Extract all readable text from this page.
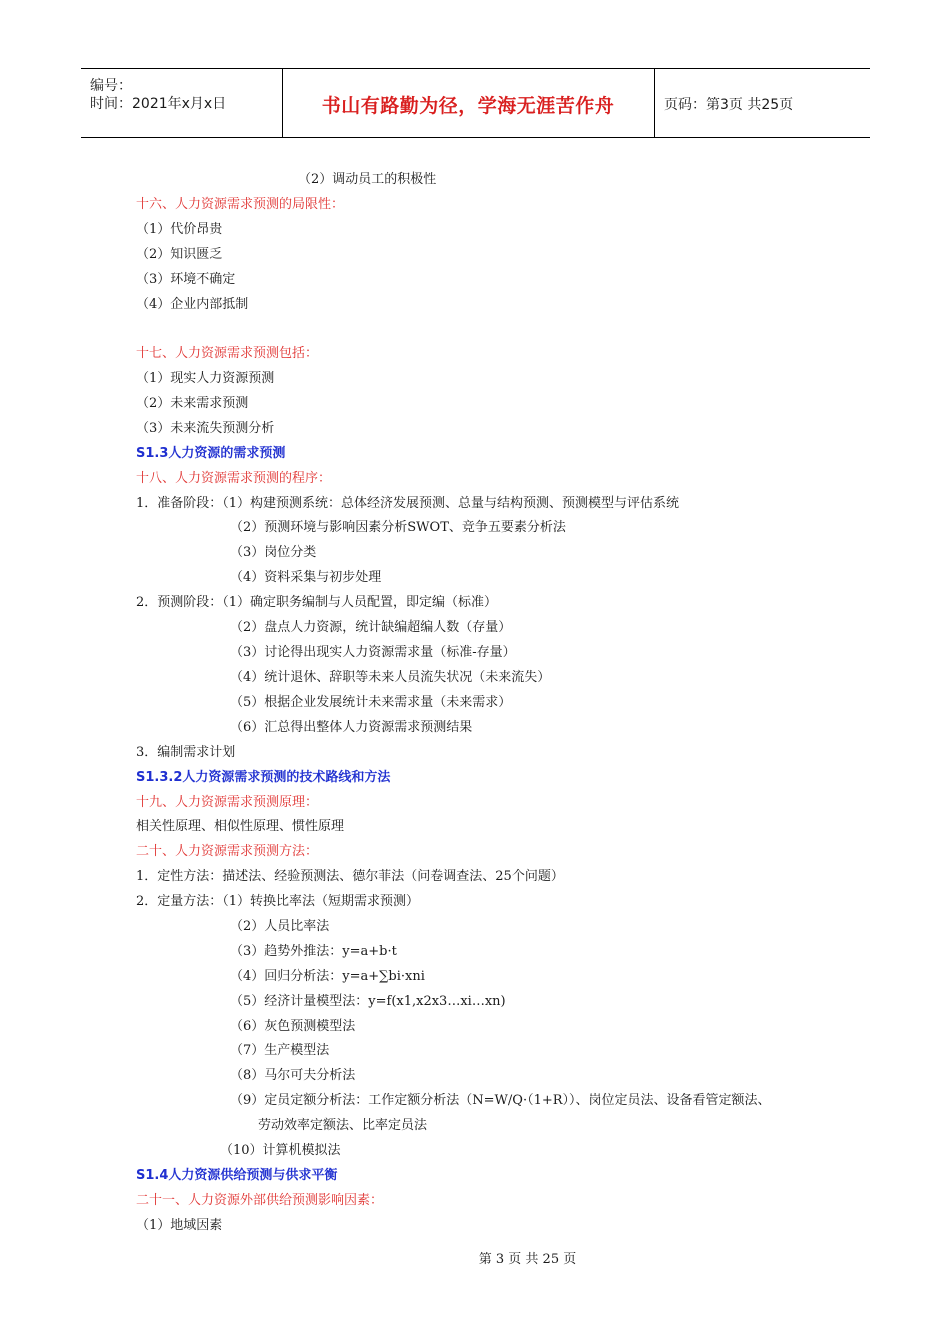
编号：
时间：2021年x月x日	书山有路勤为径，学海无涯苦作舟	页码：第3页 共25页
（2）调动员工的积极性
十六、人力资源需求预测的局限性：
（1）代价昂贵
（2）知识匮乏
（3）环境不确定
（4）企业内部抵制
十七、人力资源需求预测包括：
（1）现实人力资源预测
（2）未来需求预测
（3）未来流失预测分析
S1.3人力资源的需求预测
十八、人力资源需求预测的程序：
1．准备阶段：（1）构建预测系统：总体经济发展预测、总量与结构预测、预测模型与评估系统
（2）预测环境与影响因素分析SWOT、竞争五要素分析法
（3）岗位分类
（4）资料采集与初步处理
2．预测阶段：（1）确定职务编制与人员配置，即定编（标准）
（2）盘点人力资源，统计缺编超编人数（存量）
（3）讨论得出现实人力资源需求量（标准-存量）
（4）统计退休、辞职等未来人员流失状况（未来流失）
（5）根据企业发展统计未来需求量（未来需求）
（6）汇总得出整体人力资源需求预测结果
3．编制需求计划
S1.3.2人力资源需求预测的技术路线和方法
十九、人力资源需求预测原理：
相关性原理、相似性原理、惯性原理
二十、人力资源需求预测方法：
1．定性方法：描述法、经验预测法、德尔菲法（问卷调查法、25个问题）
2．定量方法：（1）转换比率法（短期需求预测）
（2）人员比率法
（3）趋势外推法：y=a+b·t
（4）回归分析法：y=a+∑bi·xni
（5）经济计量模型法：y=f(x1,x2x3…xi…xn)
（6）灰色预测模型法
（7）生产模型法
（8）马尔可夫分析法
（9）定员定额分析法：工作定额分析法（N=W/Q·（1+R））、岗位定员法、设备看管定额法、
劳动效率定额法、比率定员法
（10）计算机模拟法
S1.4人力资源供给预测与供求平衡
二十一、人力资源外部供给预测影响因素：
（1）地域因素
第 3 页 共 25 页
